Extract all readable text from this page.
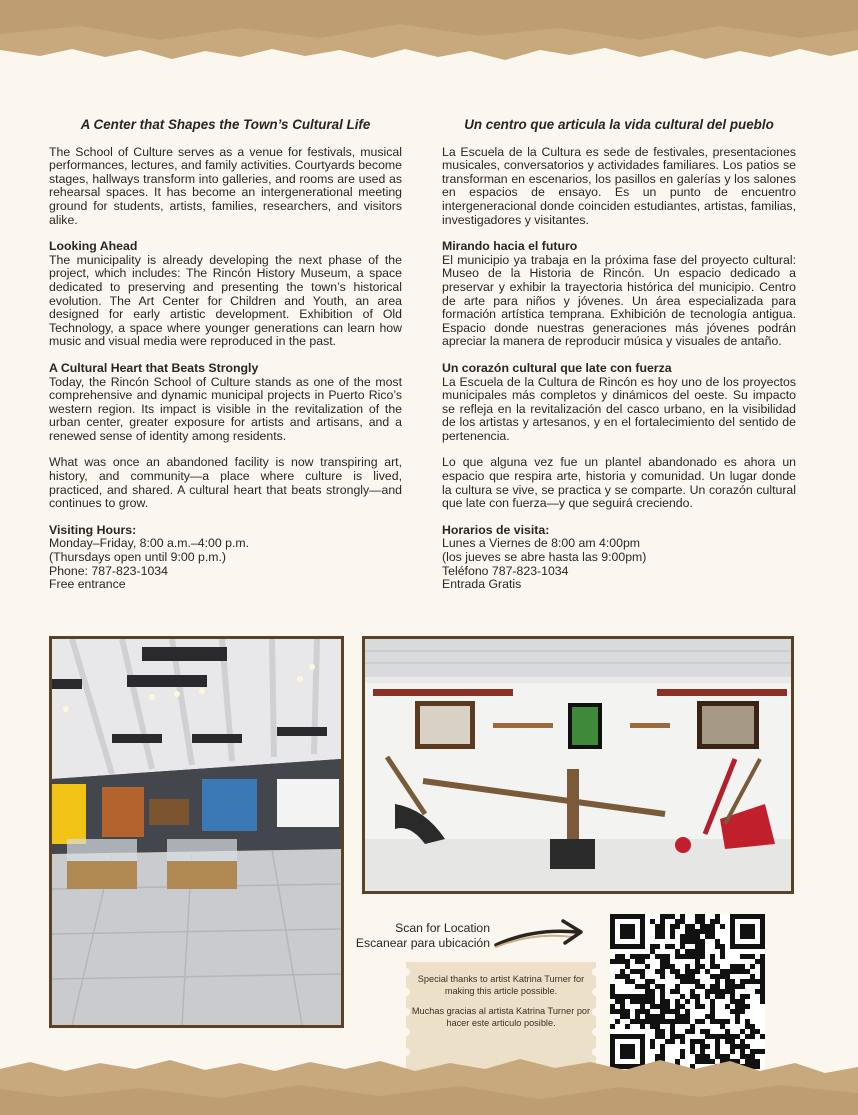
A Center that Shapes the Town’s Cultural Life

The School of Culture serves as a venue for festivals, musical performances, lectures, and family activities. Courtyards become stages, hallways transform into galleries, and rooms are used as rehearsal spaces. It has become an intergenerational meeting ground for students, artists, families, researchers, and visitors alike.

Looking Ahead

The municipality is already developing the next phase of the project, which includes: The Rincón History Museum, a space dedicated to preserving and presenting the town’s historical evolution. The Art Center for Children and Youth, an area designed for early artistic development. Exhibition of Old Technology, a space where younger generations can learn how music and visual media were reproduced in the past.

A Cultural Heart that Beats Strongly

Today, the Rincón School of Culture stands as one of the most comprehensive and dynamic municipal projects in Puerto Rico’s western region. Its impact is visible in the revitalization of the urban center, greater exposure for artists and artisans, and a renewed sense of identity among residents.

What was once an abandoned facility is now transpiring art, history, and community—a place where culture is lived, practiced, and shared. A cultural heart that beats strongly—and continues to grow.

Visiting Hours:

Monday–Friday, 8:00 a.m.–4:00 p.m.

(Thursdays open until 9:00 p.m.)

Phone: 787-823-1034

Free entrance

Un centro que articula la vida cultural del pueblo

La Escuela de la Cultura es sede de festivales, presentaciones musicales, conversatorios y actividades familiares. Los patios se transforman en escenarios, los pasillos en galerías y los salones en espacios de ensayo. Es un punto de encuentro intergeneracional donde coinciden estudiantes, artistas, familias, investigadores y visitantes.

Mirando hacia el futuro

El municipio ya trabaja en la próxima fase del proyecto cultural: Museo de la Historia de Rincón. Un espacio dedicado a preservar y exhibir la trayectoria histórica del municipio. Centro de arte para niños y jóvenes. Un área especializada para formación artística temprana. Exhibición de tecnología antigua. Espacio donde nuestras generaciones más jóvenes podrán apreciar la manera de reproducir música y visuales de antaño.

Un corazón cultural que late con fuerza

La Escuela de la Cultura de Rincón es hoy uno de los proyectos municipales más completos y dinámicos del oeste. Su impacto se refleja en la revitalización del casco urbano, en la visibilidad de los artistas y artesanos, y en el fortalecimiento del sentido de pertenencia.

Lo que alguna vez fue un plantel abandonado es ahora un espacio que respira arte, historia y comunidad. Un lugar donde la cultura se vive, se practica y se comparte. Un corazón cultural que late con fuerza—y que seguirá creciendo.

Horarios de visita:

Lunes a Viernes de 8:00 am 4:00pm

(los jueves se abre hasta las 9:00pm)

Teléfono 787-823-1034

Entrada Gratis

Scan for Location
Escanear para ubicación

Special thanks to artist Katrina Turner for making this article possible.

Muchas gracias al artista Katrina Turner por hacer este articulo posible.
